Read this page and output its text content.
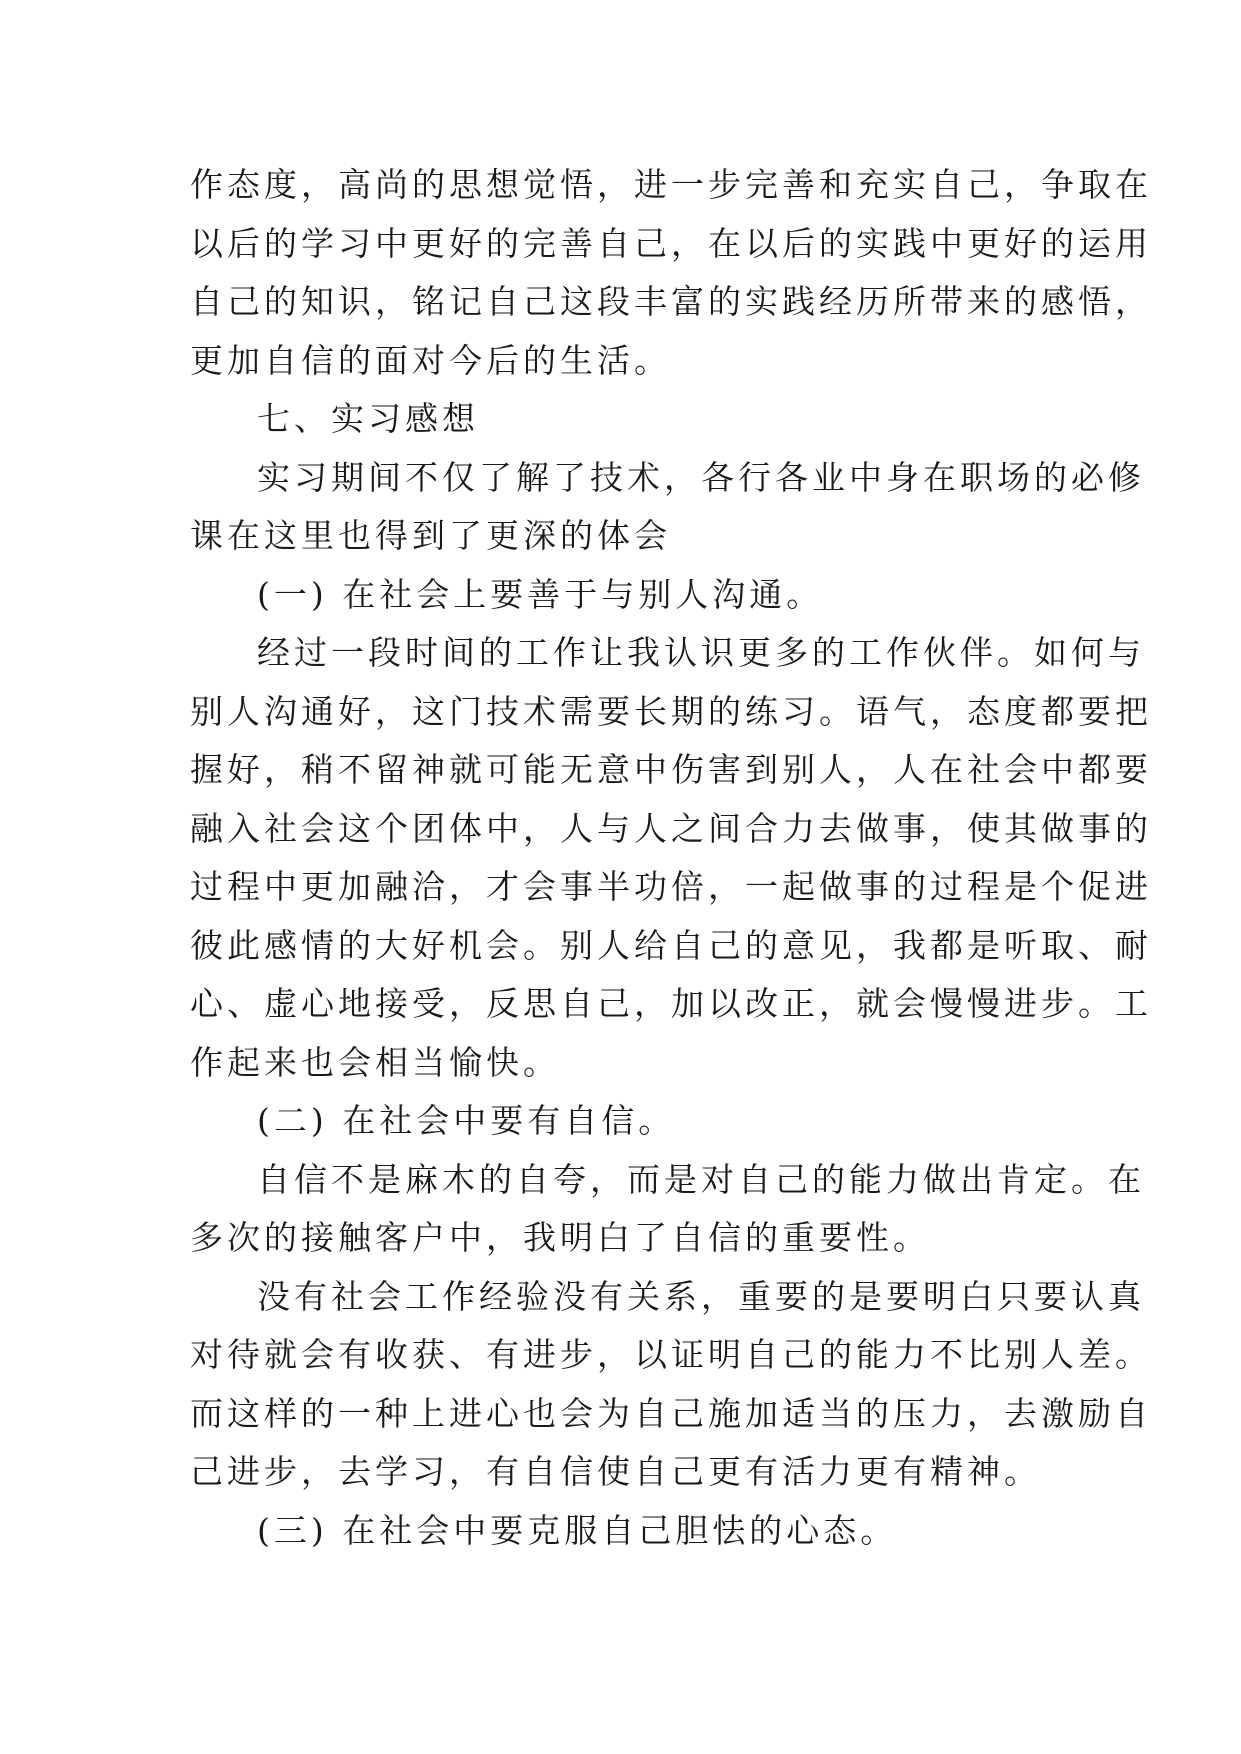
作态度，高尚的思想觉悟，进一步完善和充实自己，争取在
以后的学习中更好的完善自己，在以后的实践中更好的运用
自己的知识，铭记自己这段丰富的实践经历所带来的感悟，
更加自信的面对今后的生活。
七、实习感想
实习期间不仅了解了技术，各行各业中身在职场的必修
课在这里也得到了更深的体会
(一) 在社会上要善于与别人沟通。
经过一段时间的工作让我认识更多的工作伙伴。如何与
别人沟通好，这门技术需要长期的练习。语气，态度都要把
握好，稍不留神就可能无意中伤害到别人，人在社会中都要
融入社会这个团体中，人与人之间合力去做事，使其做事的
过程中更加融洽，才会事半功倍，一起做事的过程是个促进
彼此感情的大好机会。别人给自己的意见，我都是听取、耐
心、虚心地接受，反思自己，加以改正，就会慢慢进步。工
作起来也会相当愉快。
(二) 在社会中要有自信。
自信不是麻木的自夸，而是对自己的能力做出肯定。在
多次的接触客户中，我明白了自信的重要性。
没有社会工作经验没有关系，重要的是要明白只要认真
对待就会有收获、有进步，以证明自己的能力不比别人差。
而这样的一种上进心也会为自己施加适当的压力，去激励自
己进步，去学习，有自信使自己更有活力更有精神。
(三) 在社会中要克服自己胆怯的心态。
